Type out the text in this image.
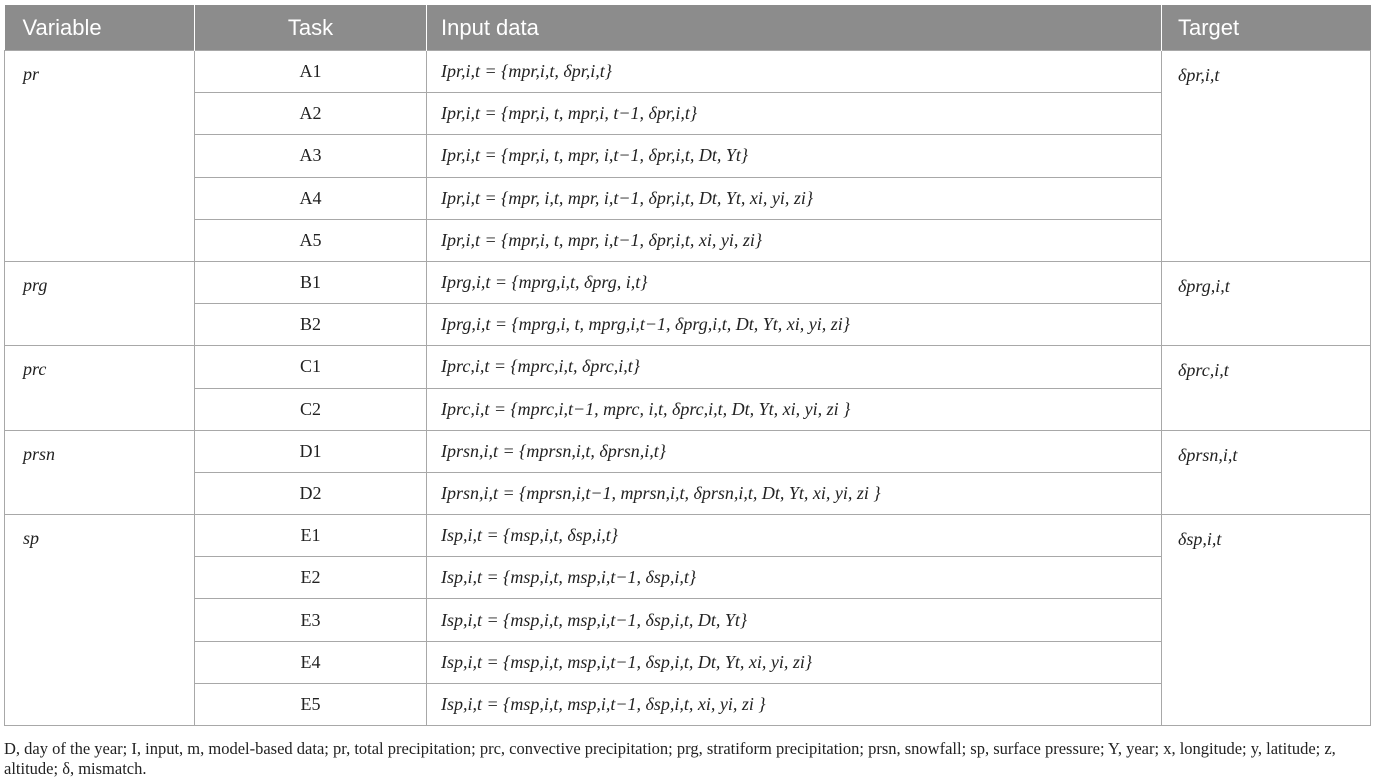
Variable	Task	Input data	Target
pr	A1	Ipr,i,t = {mpr,i,t, δpr,i,t}	δpr,i,t
	A2	Ipr,i,t = {mpr,i, t, mpr,i, t−1, δpr,i,t}	
	A3	Ipr,i,t = {mpr,i, t, mpr, i,t−1, δpr,i,t, Dt, Yt}	
	A4	Ipr,i,t = {mpr, i,t, mpr, i,t−1, δpr,i,t, Dt, Yt, xi, yi, zi}	
	A5	Ipr,i,t = {mpr,i, t, mpr, i,t−1, δpr,i,t, xi, yi, zi}	
prg	B1	Iprg,i,t = {mprg,i,t, δprg, i,t}	δprg,i,t
	B2	Iprg,i,t = {mprg,i, t, mprg,i,t−1, δprg,i,t, Dt, Yt, xi, yi, zi}	
prc	C1	Iprc,i,t = {mprc,i,t, δprc,i,t}	δprc,i,t
	C2	Iprc,i,t = {mprc,i,t−1, mprc, i,t, δprc,i,t, Dt, Yt, xi, yi, zi }	
prsn	D1	Iprsn,i,t = {mprsn,i,t, δprsn,i,t}	δprsn,i,t
	D2	Iprsn,i,t = {mprsn,i,t−1, mprsn,i,t, δprsn,i,t, Dt, Yt, xi, yi, zi }	
sp	E1	Isp,i,t = {msp,i,t, δsp,i,t}	δsp,i,t
	E2	Isp,i,t = {msp,i,t, msp,i,t−1, δsp,i,t}	
	E3	Isp,i,t = {msp,i,t, msp,i,t−1, δsp,i,t, Dt, Yt}	
	E4	Isp,i,t = {msp,i,t, msp,i,t−1, δsp,i,t, Dt, Yt, xi, yi, zi}	
	E5	Isp,i,t = {msp,i,t, msp,i,t−1, δsp,i,t, xi, yi, zi }	
D, day of the year; I, input, m, model-based data; pr, total precipitation; prc, convective precipitation; prg, stratiform precipitation; prsn, snowfall; sp, surface pressure; Y, year; x, longitude; y, latitude; z, altitude; δ, mismatch.
